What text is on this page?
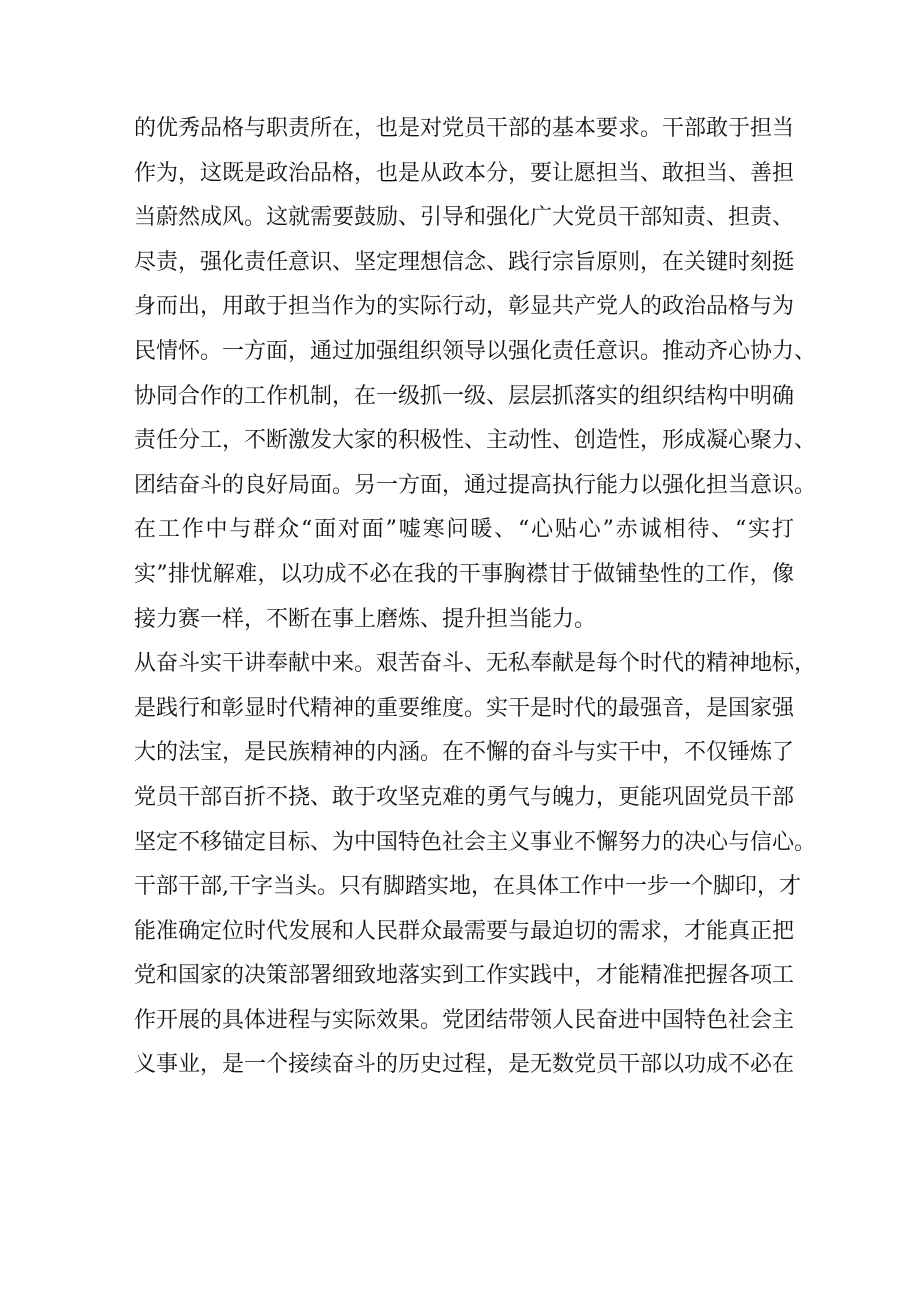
的优秀品格与职责所在，也是对党员干部的基本要求。干部敢于担当
作为，这既是政治品格，也是从政本分，要让愿担当、敢担当、善担
当蔚然成风。这就需要鼓励、引导和强化广大党员干部知责、担责、
尽责，强化责任意识、坚定理想信念、践行宗旨原则，在关键时刻挺
身而出，用敢于担当作为的实际行动，彰显共产党人的政治品格与为
民情怀。一方面，通过加强组织领导以强化责任意识。推动齐心协力、
协同合作的工作机制，在一级抓一级、层层抓落实的组织结构中明确
责任分工，不断激发大家的积极性、主动性、创造性，形成凝心聚力、
团结奋斗的良好局面。另一方面，通过提高执行能力以强化担当意识。
在工作中与群众“面对面”嘘寒问暖、“心贴心”赤诚相待、“实打
实”排忧解难，以功成不必在我的干事胸襟甘于做铺垫性的工作，像
接力赛一样，不断在事上磨炼、提升担当能力。
从奋斗实干讲奉献中来。艰苦奋斗、无私奉献是每个时代的精神地标，
是践行和彰显时代精神的重要维度。实干是时代的最强音，是国家强
大的法宝，是民族精神的内涵。在不懈的奋斗与实干中，不仅锤炼了
党员干部百折不挠、敢于攻坚克难的勇气与魄力，更能巩固党员干部
坚定不移锚定目标、为中国特色社会主义事业不懈努力的决心与信心。
干部干部,干字当头。只有脚踏实地，在具体工作中一步一个脚印，才
能准确定位时代发展和人民群众最需要与最迫切的需求，才能真正把
党和国家的决策部署细致地落实到工作实践中，才能精准把握各项工
作开展的具体进程与实际效果。党团结带领人民奋进中国特色社会主
义事业，是一个接续奋斗的历史过程，是无数党员干部以功成不必在
